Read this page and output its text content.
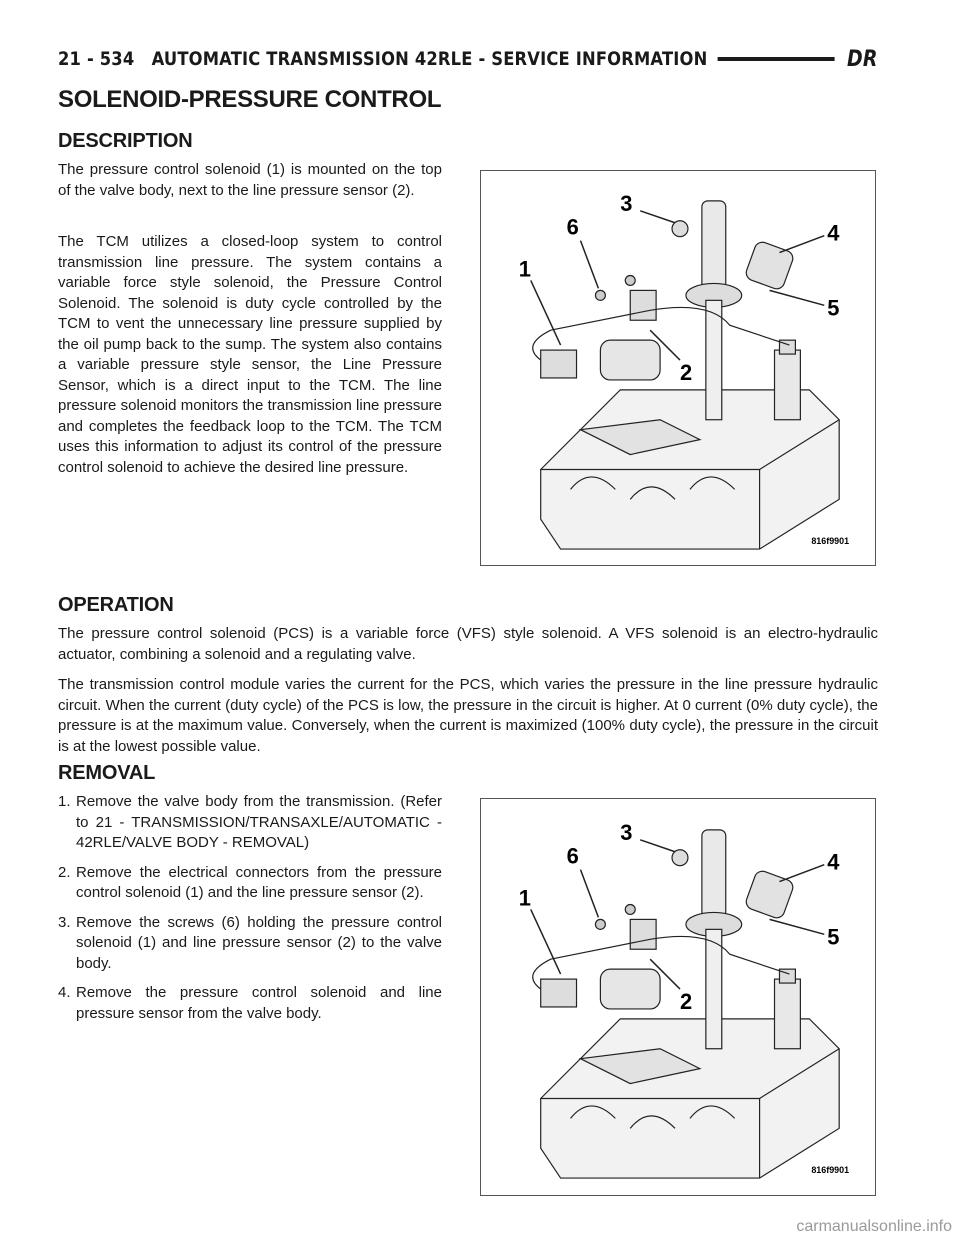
21 - 534 AUTOMATIC TRANSMISSION 42RLE - SERVICE INFORMATION	DR
SOLENOID-PRESSURE CONTROL
DESCRIPTION

The pressure control solenoid (1) is mounted on the top of the valve body, next to the line pressure sensor (2).

The TCM utilizes a closed-loop system to control transmission line pressure. The system contains a variable force style solenoid, the Pressure Control Solenoid. The solenoid is duty cycle controlled by the TCM to vent the unnecessary line pressure supplied by the oil pump back to the sump. The system also contains a variable pressure style sensor, the Line Pressure Sensor, which is a direct input to the TCM. The line pressure solenoid monitors the transmission line pressure and completes the feedback loop to the TCM. The TCM uses this information to adjust its control of the pressure control solenoid to achieve the desired line pressure.

1
2
3
4
5
6
816f9901
OPERATION

The pressure control solenoid (PCS) is a variable force (VFS) style solenoid. A VFS solenoid is an electro-hydraulic actuator, combining a solenoid and a regulating valve.

The transmission control module varies the current for the PCS, which varies the pressure in the line pressure hydraulic circuit. When the current (duty cycle) of the PCS is low, the pressure in the circuit is higher. At 0 current (0% duty cycle), the pressure is at the maximum value. Conversely, when the current is maximized (100% duty cycle), the pressure in the circuit is at the lowest possible value.

REMOVAL
1. Remove the valve body from the transmission. (Refer to 21 - TRANSMISSION/TRANSAXLE/AUTOMATIC - 42RLE/VALVE BODY - REMOVAL)
2. Remove the electrical connectors from the pressure control solenoid (1) and the line pressure sensor (2).
3. Remove the screws (6) holding the pressure control solenoid (1) and line pressure sensor (2) to the valve body.
4. Remove the pressure control solenoid and line pressure sensor from the valve body.
1
2
3
4
5
6
816f9901
carmanualsonline.info
